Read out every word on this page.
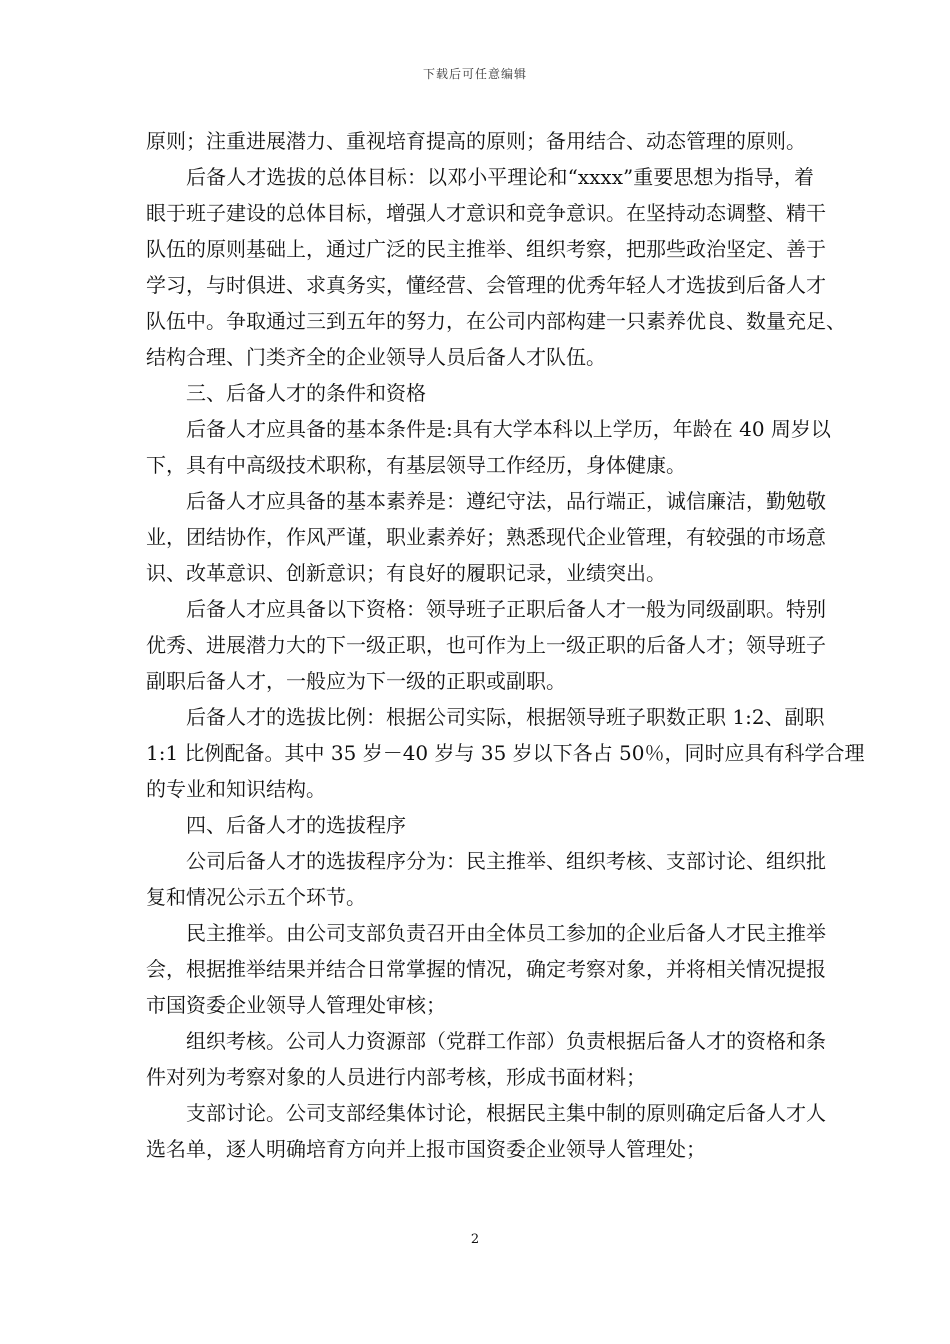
下载后可任意编辑
原则；注重进展潜力、重视培育提高的原则；备用结合、动态管理的原则。
后备人才选拔的总体目标：以邓小平理论和“xxxx”重要思想为指导，着
眼于班子建设的总体目标，增强人才意识和竞争意识。在坚持动态调整、精干
队伍的原则基础上，通过广泛的民主推举、组织考察，把那些政治坚定、善于
学习，与时俱进、求真务实，懂经营、会管理的优秀年轻人才选拔到后备人才
队伍中。争取通过三到五年的努力，在公司内部构建一只素养优良、数量充足、
结构合理、门类齐全的企业领导人员后备人才队伍。
三、后备人才的条件和资格
后备人才应具备的基本条件是:具有大学本科以上学历，年龄在 40 周岁以
下，具有中高级技术职称，有基层领导工作经历，身体健康。
后备人才应具备的基本素养是：遵纪守法，品行端正，诚信廉洁，勤勉敬
业，团结协作，作风严谨，职业素养好；熟悉现代企业管理，有较强的市场意
识、改革意识、创新意识；有良好的履职记录，业绩突出。
后备人才应具备以下资格：领导班子正职后备人才一般为同级副职。特别
优秀、进展潜力大的下一级正职，也可作为上一级正职的后备人才；领导班子
副职后备人才，一般应为下一级的正职或副职。
后备人才的选拔比例：根据公司实际，根据领导班子职数正职 1:2、副职
1:1 比例配备。其中 35 岁－40 岁与 35 岁以下各占 50％，同时应具有科学合理
的专业和知识结构。
四、后备人才的选拔程序
公司后备人才的选拔程序分为：民主推举、组织考核、支部讨论、组织批
复和情况公示五个环节。
民主推举。由公司支部负责召开由全体员工参加的企业后备人才民主推举
会，根据推举结果并结合日常掌握的情况，确定考察对象，并将相关情况提报
市国资委企业领导人管理处审核；
组织考核。公司人力资源部（党群工作部）负责根据后备人才的资格和条
件对列为考察对象的人员进行内部考核，形成书面材料；
支部讨论。公司支部经集体讨论，根据民主集中制的原则确定后备人才人
选名单，逐人明确培育方向并上报市国资委企业领导人管理处；
2
